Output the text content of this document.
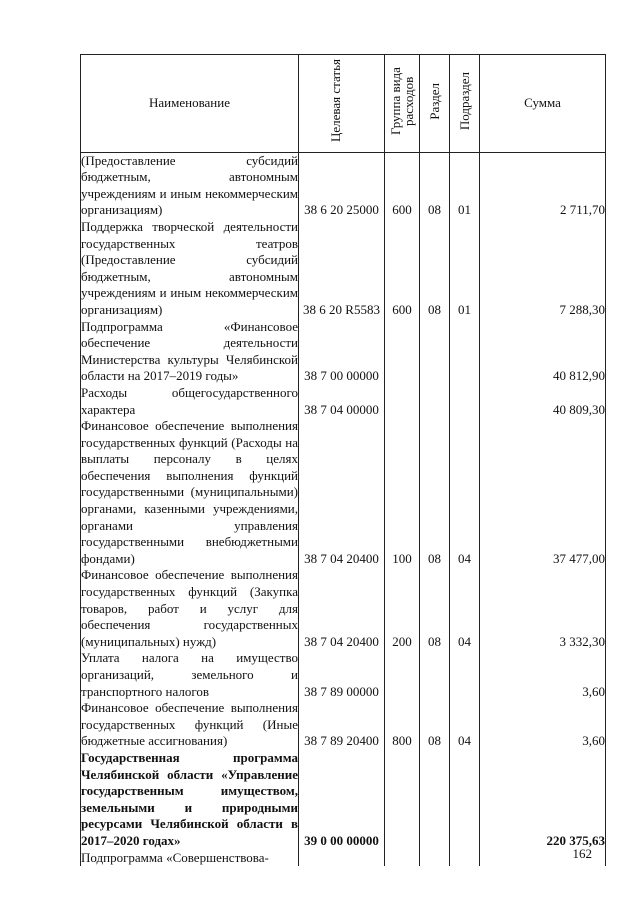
Наименование	Целевая статья	Группа вида расходов	Раздел	Подраздел	Сумма
(Предоставление субсидий бюджетным, автономным учреждениям и иным некоммерческим организациям)	38 6 20 25000	600	08	01	2 711,70
Поддержка творческой деятельности государственных театров (Предоставление субсидий бюджетным, автономным учреждениям и иным некоммерческим организациям)	38 6 20 R5583	600	08	01	7 288,30
Подпрограмма «Финансовое обеспечение деятельности Министерства культуры Челябинской области на 2017–2019 годы»	38 7 00 00000				40 812,90
Расходы общегосударственного характера	38 7 04 00000				40 809,30
Финансовое обеспечение выполнения государственных функций (Расходы на выплаты персоналу в целях обеспечения выполнения функций государственными (муниципальными) органами, казенными учреждениями, органами управления государственными внебюджетными фондами)	38 7 04 20400	100	08	04	37 477,00
Финансовое обеспечение выполнения государственных функций (Закупка товаров, работ и услуг для обеспечения государственных (муниципальных) нужд)	38 7 04 20400	200	08	04	3 332,30
Уплата налога на имущество организаций, земельного и транспортного налогов	38 7 89 00000				3,60
Финансовое обеспечение выполнения государственных функций (Иные бюджетные ассигнования)	38 7 89 20400	800	08	04	3,60
Государственная программа Челябинской области «Управление государственным имуществом, земельными и природными ресурсами Челябинской области в 2017–2020 годах»	39 0 00 00000				220 375,63
Подпрограмма «Совершенствова-						162
